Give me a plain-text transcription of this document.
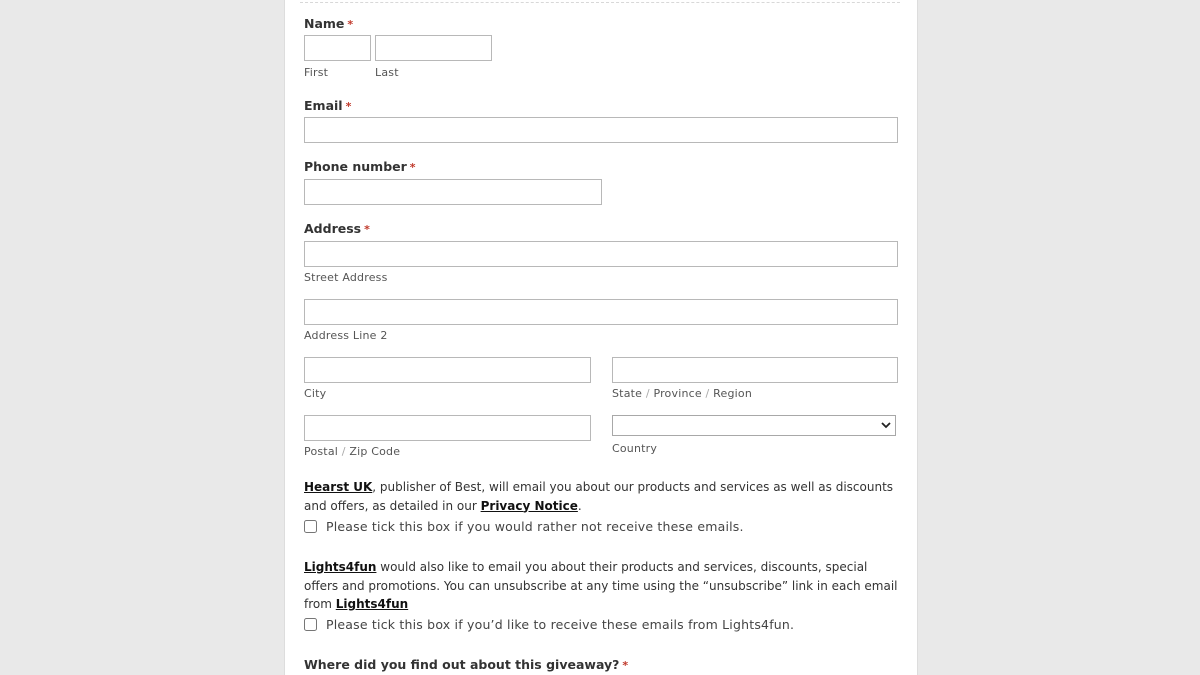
Name *
First	Last
Email *
Phone number *
Address *
Street Address
Address Line 2
City	State / Province / Region
Postal / Zip Code	Country
Hearst UK, publisher of Best, will email you about our products and services as well as discounts and offers, as detailed in our Privacy Notice.
Please tick this box if you would rather not receive these emails.
Lights4fun would also like to email you about their products and services, discounts, special offers and promotions. You can unsubscribe at any time using the “unsubscribe” link in each email from Lights4fun
Please tick this box if you’d like to receive these emails from Lights4fun.
Where did you find out about this giveaway? *
